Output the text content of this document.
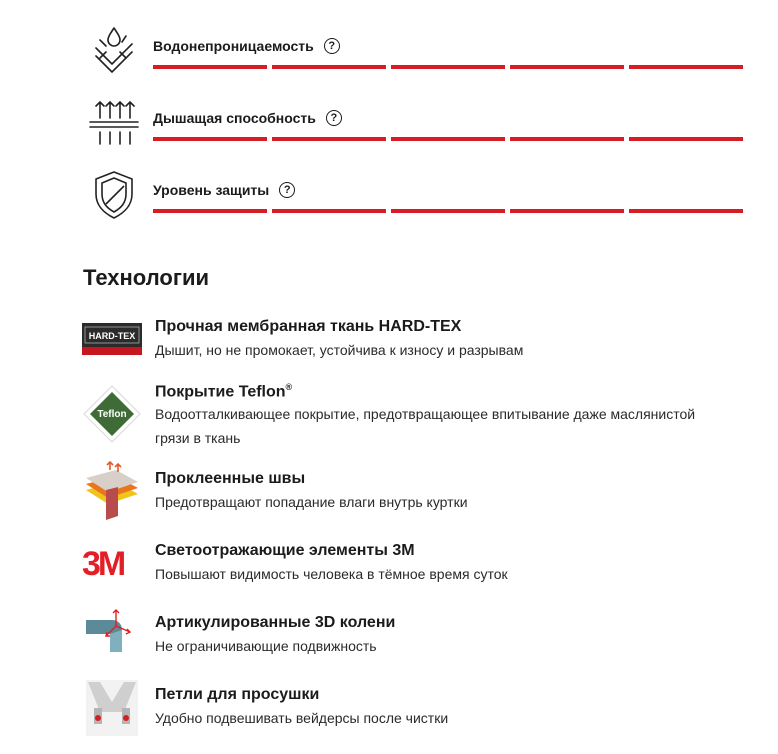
Водонепроницаемость	?
Дышащая способность	?
Уровень защиты	?
Технологии
HARD-TEX
Прочная мембранная ткань HARD-TEX
Дышит, но не промокает, устойчива к износу и разрывам
Teflon
Покрытие Teflon®
Водоотталкивающее покрытие, предотвращающее впитывание даже маслянистой грязи в ткань
Проклеенные швы
Предотвращают попадание влаги внутрь куртки
3M Светоотражающие элементы 3M
Повышают видимость человека в тёмное время суток
Артикулированные 3D колени
Не ограничивающие подвижность
Петли для просушки
Удобно подвешивать вейдерсы после чистки
